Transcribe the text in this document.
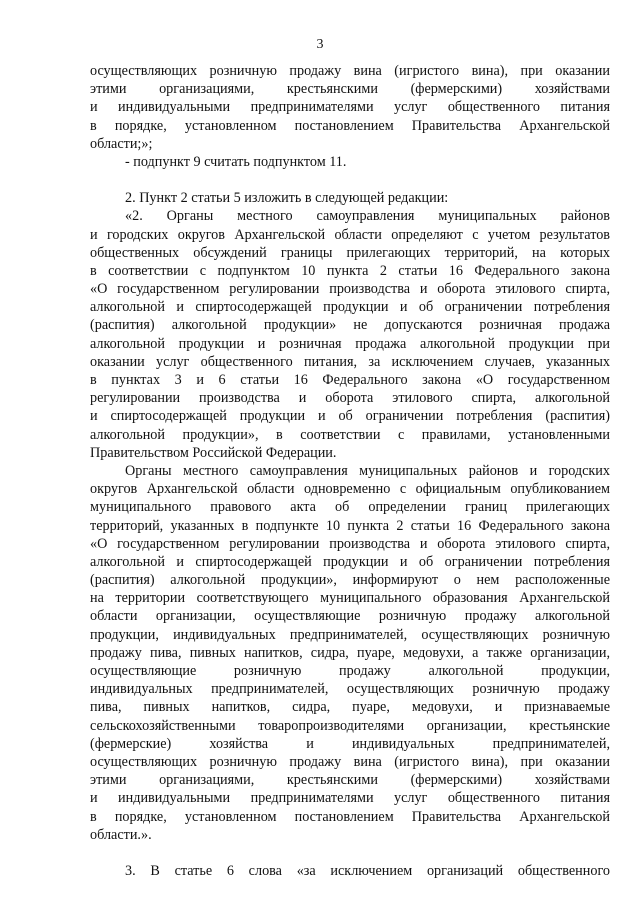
3
осуществляющих розничную продажу вина (игристого вина), при оказании
этими организациями, крестьянскими (фермерскими) хозяйствами
и индивидуальными предпринимателями услуг общественного питания
в порядке, установленном постановлением Правительства Архангельской
области;»;
- подпункт 9 считать подпунктом 11.
2. Пункт 2 статьи 5 изложить в следующей редакции:
«2. Органы местного самоуправления муниципальных районов
и городских округов Архангельской области определяют с учетом результатов
общественных обсуждений границы прилегающих территорий, на которых
в соответствии с подпунктом 10 пункта 2 статьи 16 Федерального закона
«О государственном регулировании производства и оборота этилового спирта,
алкогольной и спиртосодержащей продукции и об ограничении потребления
(распития) алкогольной продукции» не допускаются розничная продажа
алкогольной продукции и розничная продажа алкогольной продукции при
оказании услуг общественного питания, за исключением случаев, указанных
в пунктах 3 и 6 статьи 16 Федерального закона «О государственном
регулировании производства и оборота этилового спирта, алкогольной
и спиртосодержащей продукции и об ограничении потребления (распития)
алкогольной продукции», в соответствии с правилами, установленными
Правительством Российской Федерации.
Органы местного самоуправления муниципальных районов и городских
округов Архангельской области одновременно с официальным опубликованием
муниципального правового акта об определении границ прилегающих
территорий, указанных в подпункте 10 пункта 2 статьи 16 Федерального закона
«О государственном регулировании производства и оборота этилового спирта,
алкогольной и спиртосодержащей продукции и об ограничении потребления
(распития) алкогольной продукции», информируют о нем расположенные
на территории соответствующего муниципального образования Архангельской
области организации, осуществляющие розничную продажу алкогольной
продукции, индивидуальных предпринимателей, осуществляющих розничную
продажу пива, пивных напитков, сидра, пуаре, медовухи, а также организации,
осуществляющие розничную продажу алкогольной продукции,
индивидуальных предпринимателей, осуществляющих розничную продажу
пива, пивных напитков, сидра, пуаре, медовухи, и признаваемые
сельскохозяйственными товаропроизводителями организации, крестьянские
(фермерские) хозяйства и индивидуальных предпринимателей,
осуществляющих розничную продажу вина (игристого вина), при оказании
этими организациями, крестьянскими (фермерскими) хозяйствами
и индивидуальными предпринимателями услуг общественного питания
в порядке, установленном постановлением Правительства Архангельской
области.».
3. В статье 6 слова «за исключением организаций общественного
